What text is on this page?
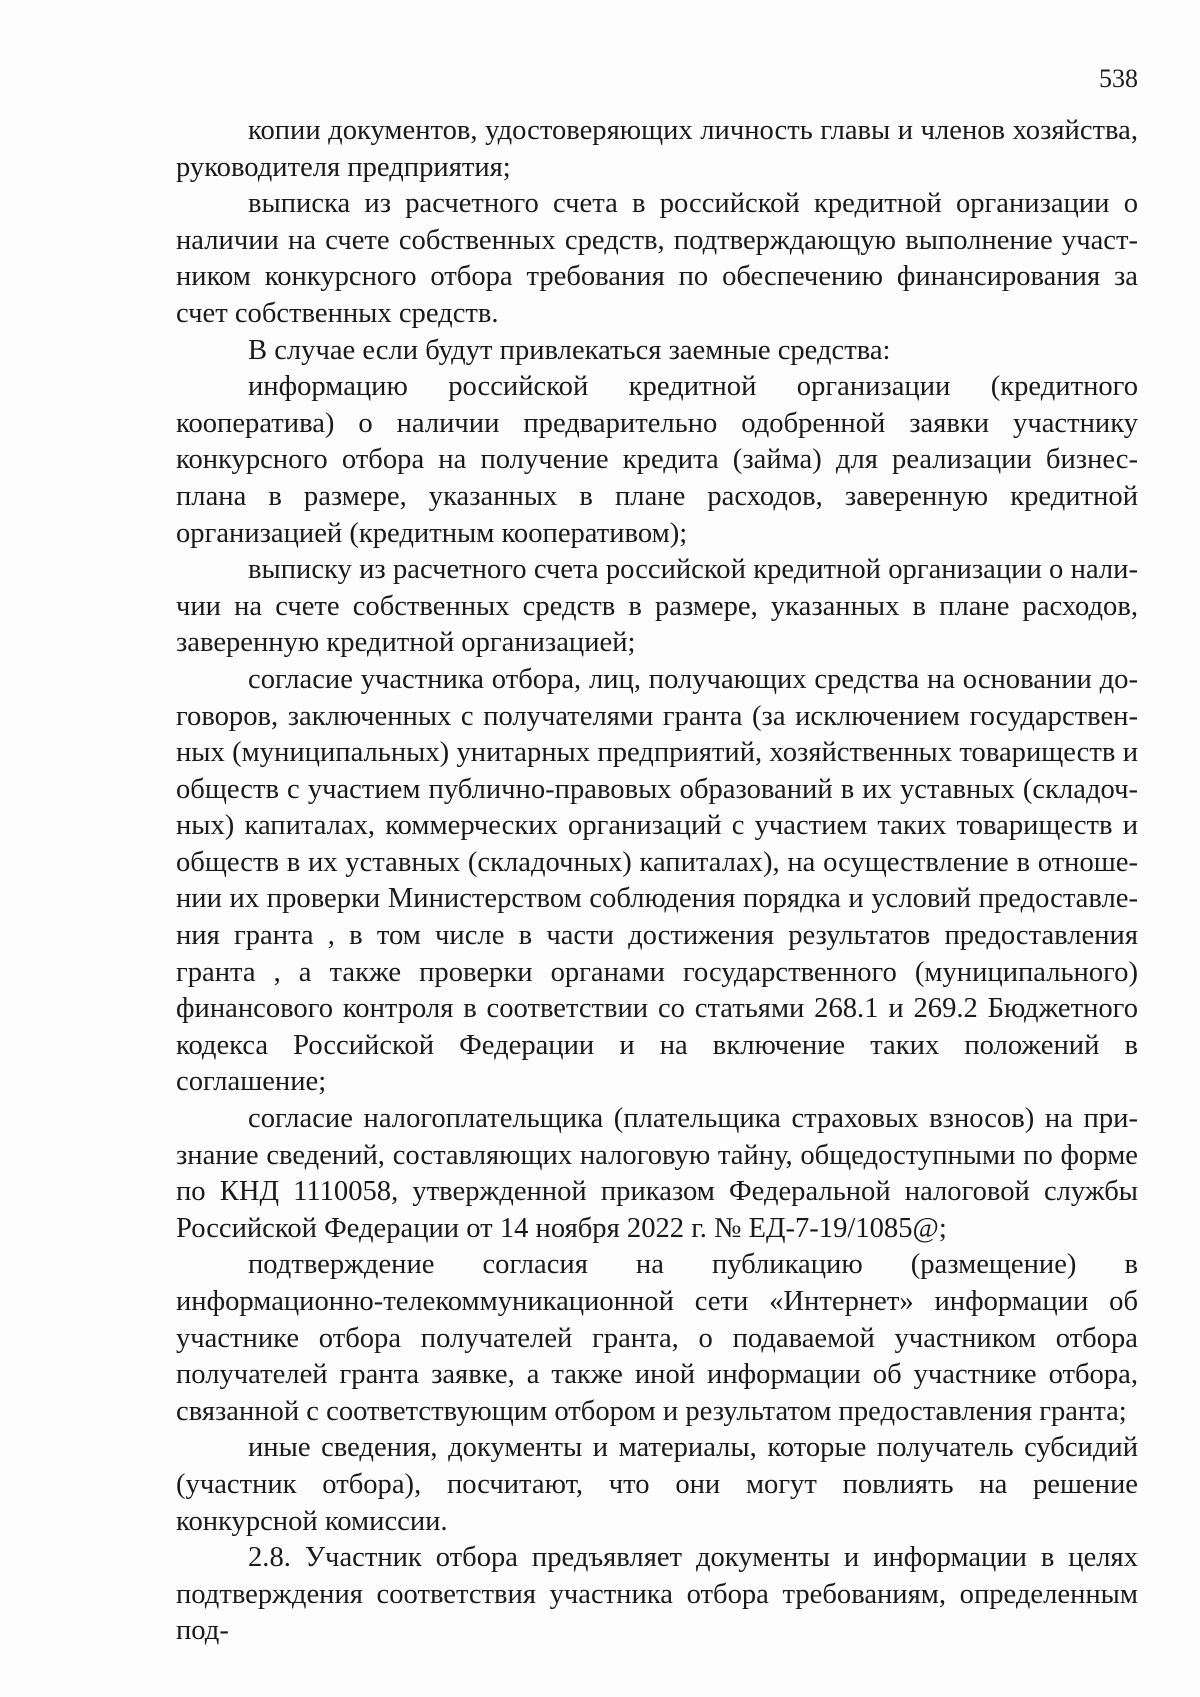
538

копии документов, удостоверяющих личность главы и членов хозяйства, руководителя предприятия;

выписка из расчетного счета в российской кредитной организации о наличии на счете собственных средств, подтверждающую выполнение участником конкурсного отбора требования по обеспечению финансирования за счет собственных средств.

В случае если будут привлекаться заемные средства:

информацию российской кредитной организации (кредитного кооператива) о наличии предварительно одобренной заявки участнику конкурсного отбора на получение кредита (займа) для реализации бизнес-плана в размере, указанных в плане расходов, заверенную кредитной организацией (кредитным кооперативом);

выписку из расчетного счета российской кредитной организации о наличии на счете собственных средств в размере, указанных в плане расходов, заверенную кредитной организацией;

согласие участника отбора, лиц, получающих средства на основании договоров, заключенных с получателями гранта (за исключением государственных (муниципальных) унитарных предприятий, хозяйственных товариществ и обществ с участием публично-правовых образований в их уставных (складочных) капиталах, коммерческих организаций с участием таких товариществ и обществ в их уставных (складочных) капиталах), на осуществление в отношении их проверки Министерством соблюдения порядка и условий предоставления гранта , в том числе в части достижения результатов предоставления гранта , а также проверки органами государственного (муниципального) финансового контроля в соответствии со статьями 268.1 и 269.2 Бюджетного кодекса Российской Федерации и на включение таких положений в соглашение;

согласие налогоплательщика (плательщика страховых взносов) на признание сведений, составляющих налоговую тайну, общедоступными по форме по КНД 1110058, утвержденной приказом Федеральной налоговой службы Российской Федерации от 14 ноября 2022 г. № ЕД-7-19/1085@;

подтверждение согласия на публикацию (размещение) в информационно-телекоммуникационной сети «Интернет» информации об участнике отбора получателей гранта, о подаваемой участником отбора получателей гранта заявке, а также иной информации об участнике отбора, связанной с соответствующим отбором и результатом предоставления гранта;

иные сведения, документы и материалы, которые получатель субсидий (участник отбора), посчитают, что они могут повлиять на решение конкурсной комиссии.

2.8. Участник отбора предъявляет документы и информации в целях подтверждения соответствия участника отбора требованиям, определенным под-
